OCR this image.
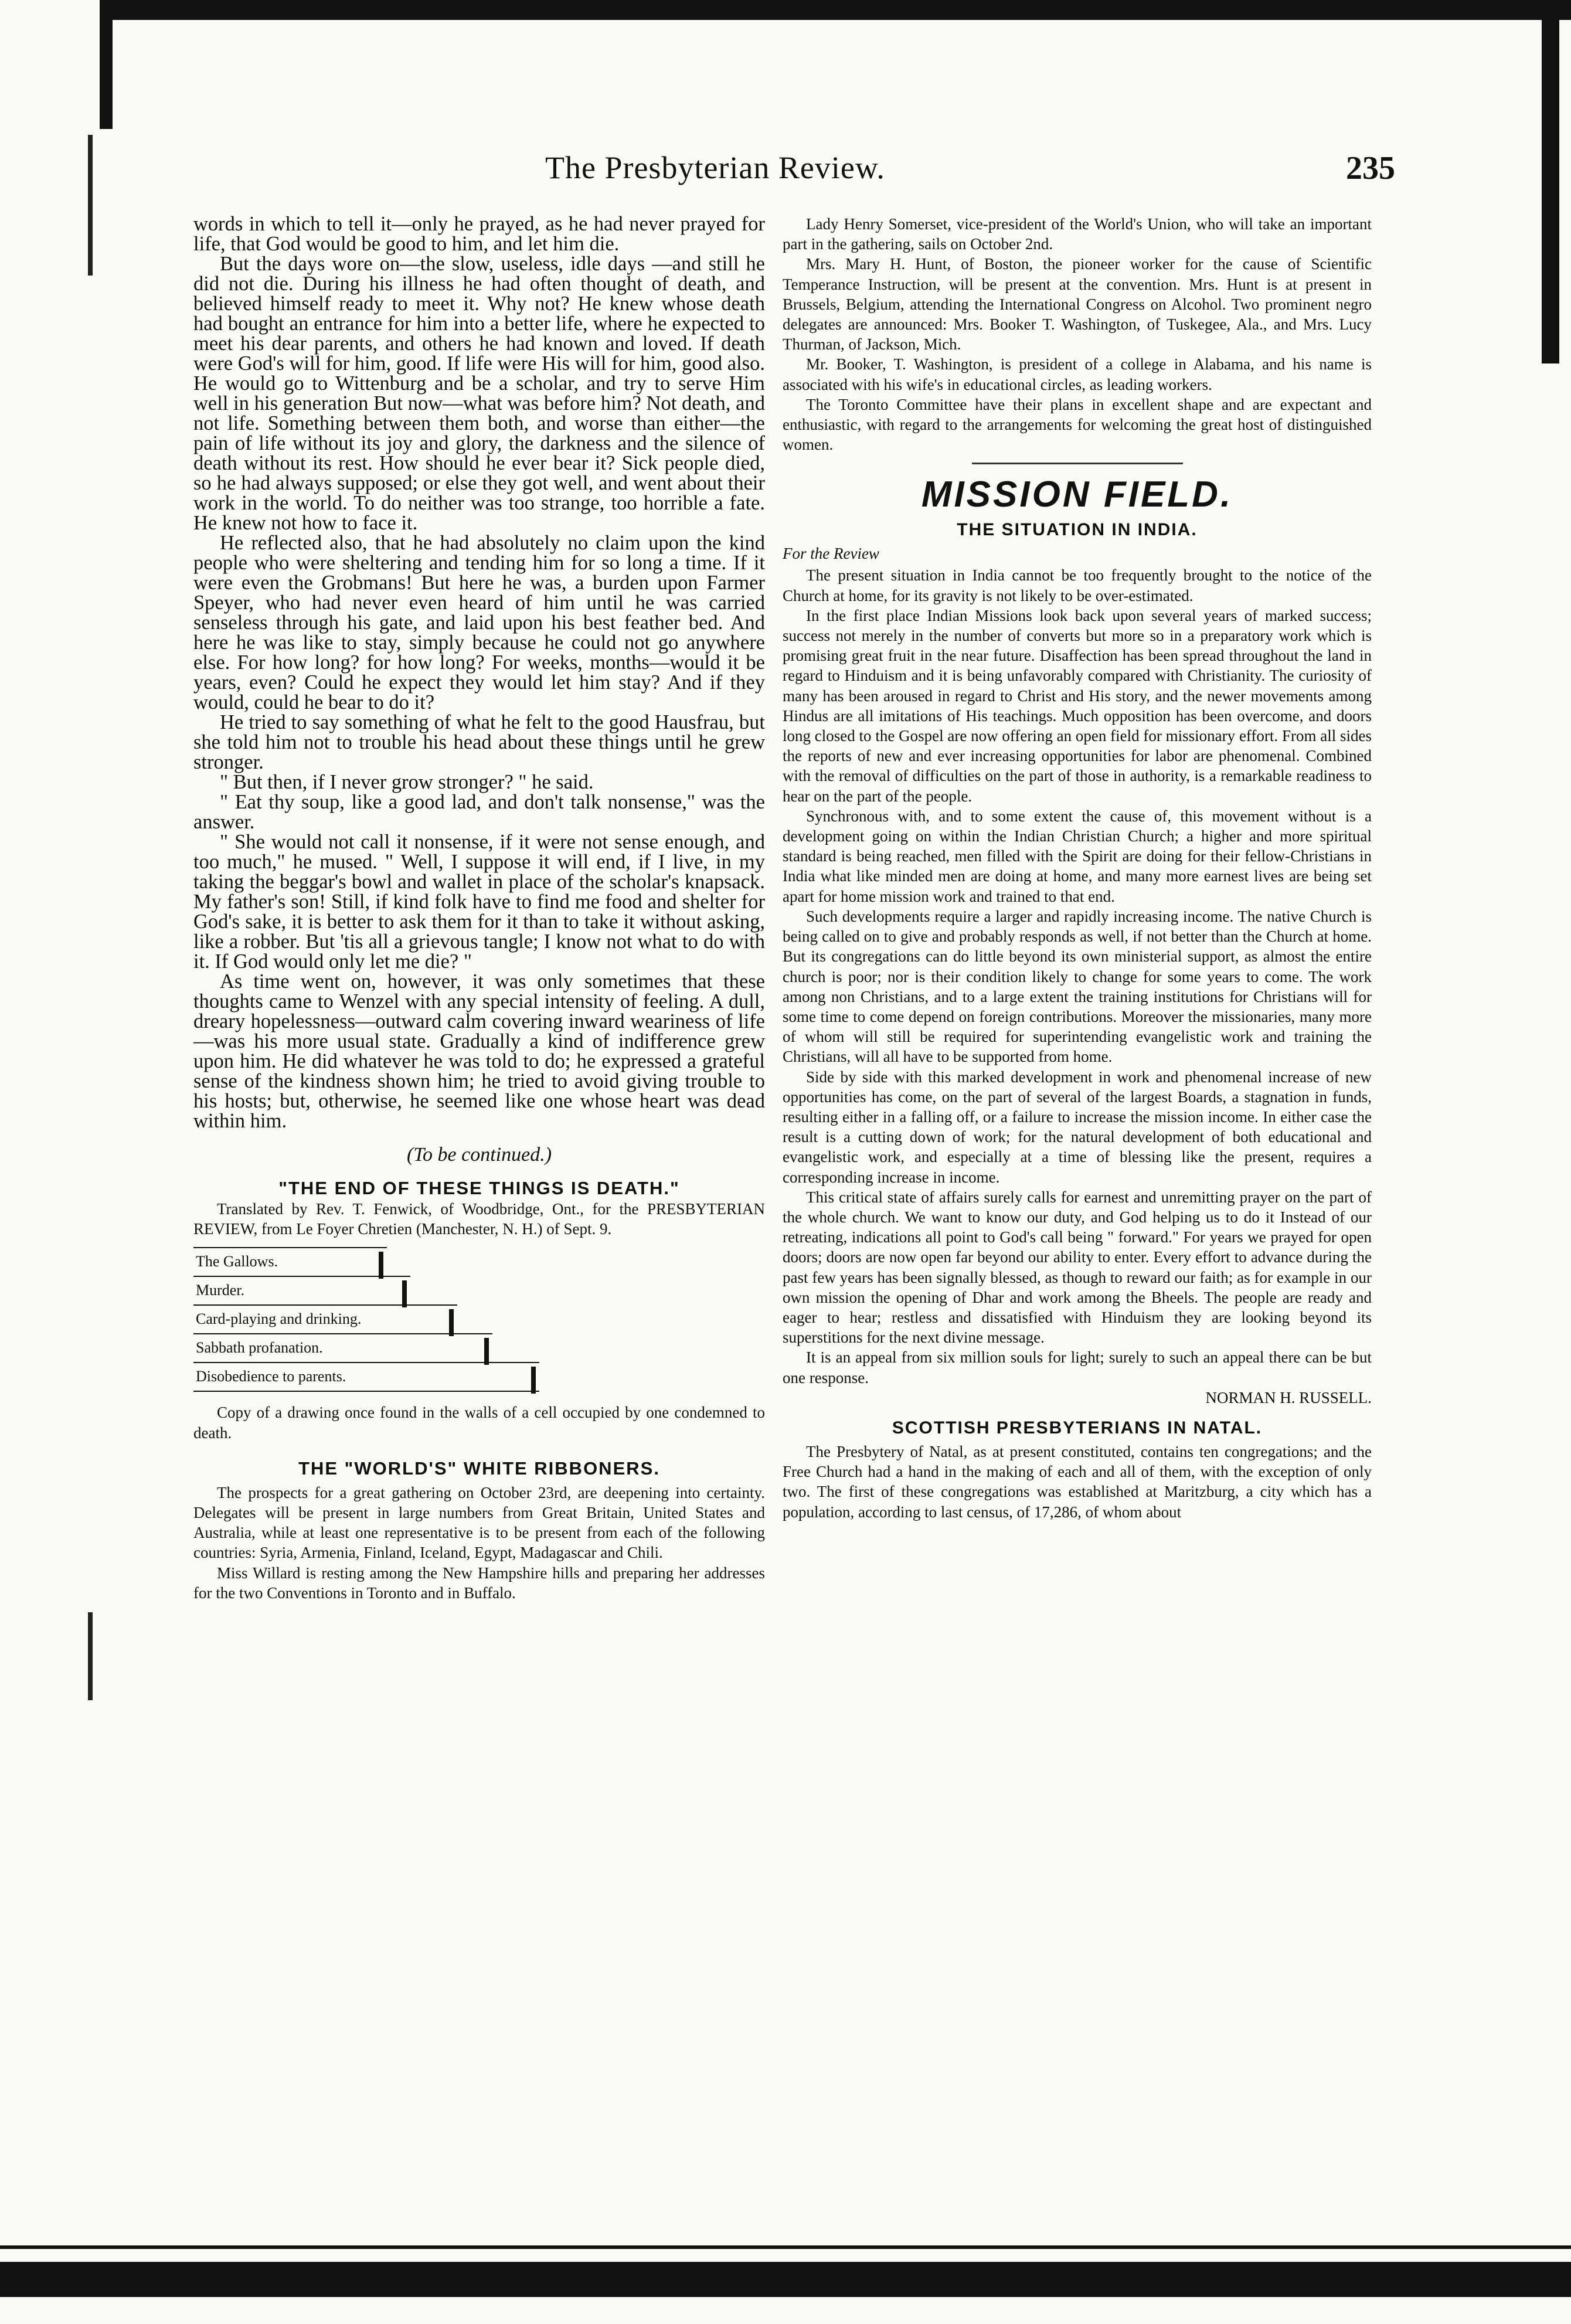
The Presbyterian Review.	235

words in which to tell it—only he prayed, as he had never prayed for life, that God would be good to him, and let him die.

But the days wore on—the slow, useless, idle days —and still he did not die. During his illness he had often thought of death, and believed himself ready to meet it. Why not? He knew whose death had bought an entrance for him into a better life, where he expected to meet his dear parents, and others he had known and loved. If death were God's will for him, good. If life were His will for him, good also. He would go to Wittenburg and be a scholar, and try to serve Him well in his generation But now—what was before him? Not death, and not life. Something between them both, and worse than either—the pain of life without its joy and glory, the darkness and the silence of death without its rest. How should he ever bear it? Sick people died, so he had always supposed; or else they got well, and went about their work in the world. To do neither was too strange, too horrible a fate. He knew not how to face it.

He reflected also, that he had absolutely no claim upon the kind people who were sheltering and tending him for so long a time. If it were even the Grobmans! But here he was, a burden upon Farmer Speyer, who had never even heard of him until he was carried senseless through his gate, and laid upon his best feather bed. And here he was like to stay, simply because he could not go anywhere else. For how long? for how long? For weeks, months—would it be years, even? Could he expect they would let him stay? And if they would, could he bear to do it?

He tried to say something of what he felt to the good Hausfrau, but she told him not to trouble his head about these things until he grew stronger.

" But then, if I never grow stronger? " he said.

" Eat thy soup, like a good lad, and don't talk nonsense," was the answer.

" She would not call it nonsense, if it were not sense enough, and too much," he mused. " Well, I suppose it will end, if I live, in my taking the beggar's bowl and wallet in place of the scholar's knapsack. My father's son! Still, if kind folk have to find me food and shelter for God's sake, it is better to ask them for it than to take it without asking, like a robber. But 'tis all a grievous tangle; I know not what to do with it. If God would only let me die? "

As time went on, however, it was only sometimes that these thoughts came to Wenzel with any special intensity of feeling. A dull, dreary hopelessness—outward calm covering inward weariness of life—was his more usual state. Gradually a kind of indifference grew upon him. He did whatever he was told to do; he expressed a grateful sense of the kindness shown him; he tried to avoid giving trouble to his hosts; but, otherwise, he seemed like one whose heart was dead within him.

(To be continued.)
"THE END OF THESE THINGS IS DEATH."

Translated by Rev. T. Fenwick, of Woodbridge, Ont., for the PRESBYTERIAN REVIEW, from Le Foyer Chretien (Manchester, N. H.) of Sept. 9.

The Gallows.
Murder.
Card-playing and drinking.
Sabbath profanation.
Disobedience to parents.

Copy of a drawing once found in the walls of a cell occupied by one condemned to death.

THE "WORLD'S" WHITE RIBBONERS.

The prospects for a great gathering on October 23rd, are deepening into certainty. Delegates will be present in large numbers from Great Britain, United States and Australia, while at least one representative is to be present from each of the following countries: Syria, Armenia, Finland, Iceland, Egypt, Madagascar and Chili.

Miss Willard is resting among the New Hampshire hills and preparing her addresses for the two Conventions in Toronto and in Buffalo.

Lady Henry Somerset, vice-president of the World's Union, who will take an important part in the gathering, sails on October 2nd.

Mrs. Mary H. Hunt, of Boston, the pioneer worker for the cause of Scientific Temperance Instruction, will be present at the convention. Mrs. Hunt is at present in Brussels, Belgium, attending the International Congress on Alcohol. Two prominent negro delegates are announced: Mrs. Booker T. Washington, of Tuskegee, Ala., and Mrs. Lucy Thurman, of Jackson, Mich.

Mr. Booker, T. Washington, is president of a college in Alabama, and his name is associated with his wife's in educational circles, as leading workers.

The Toronto Committee have their plans in excellent shape and are expectant and enthusiastic, with regard to the arrangements for welcoming the great host of distinguished women.

MISSION FIELD.
THE SITUATION IN INDIA.
For the Review

The present situation in India cannot be too frequently brought to the notice of the Church at home, for its gravity is not likely to be over-estimated.

In the first place Indian Missions look back upon several years of marked success; success not merely in the number of converts but more so in a preparatory work which is promising great fruit in the near future. Disaffection has been spread throughout the land in regard to Hinduism and it is being unfavorably compared with Christianity. The curiosity of many has been aroused in regard to Christ and His story, and the newer movements among Hindus are all imitations of His teachings. Much opposition has been overcome, and doors long closed to the Gospel are now offering an open field for missionary effort. From all sides the reports of new and ever increasing opportunities for labor are phenomenal. Combined with the removal of difficulties on the part of those in authority, is a remarkable readiness to hear on the part of the people.

Synchronous with, and to some extent the cause of, this movement without is a development going on within the Indian Christian Church; a higher and more spiritual standard is being reached, men filled with the Spirit are doing for their fellow-Christians in India what like minded men are doing at home, and many more earnest lives are being set apart for home mission work and trained to that end.

Such developments require a larger and rapidly increasing income. The native Church is being called on to give and probably responds as well, if not better than the Church at home. But its congregations can do little beyond its own ministerial support, as almost the entire church is poor; nor is their condition likely to change for some years to come. The work among non Christians, and to a large extent the training institutions for Christians will for some time to come depend on foreign contributions. Moreover the missionaries, many more of whom will still be required for superintending evangelistic work and training the Christians, will all have to be supported from home.

Side by side with this marked development in work and phenomenal increase of new opportunities has come, on the part of several of the largest Boards, a stagnation in funds, resulting either in a falling off, or a failure to increase the mission income. In either case the result is a cutting down of work; for the natural development of both educational and evangelistic work, and especially at a time of blessing like the present, requires a corresponding increase in income.

This critical state of affairs surely calls for earnest and unremitting prayer on the part of the whole church. We want to know our duty, and God helping us to do it Instead of our retreating, indications all point to God's call being " forward." For years we prayed for open doors; doors are now open far beyond our ability to enter. Every effort to advance during the past few years has been signally blessed, as though to reward our faith; as for example in our own mission the opening of Dhar and work among the Bheels. The people are ready and eager to hear; restless and dissatisfied with Hinduism they are looking beyond its superstitions for the next divine message.

It is an appeal from six million souls for light; surely to such an appeal there can be but one response.

NORMAN H. RUSSELL.

SCOTTISH PRESBYTERIANS IN NATAL.

The Presbytery of Natal, as at present constituted, contains ten congregations; and the Free Church had a hand in the making of each and all of them, with the exception of only two. The first of these congregations was established at Maritzburg, a city which has a population, according to last census, of 17,286, of whom about
